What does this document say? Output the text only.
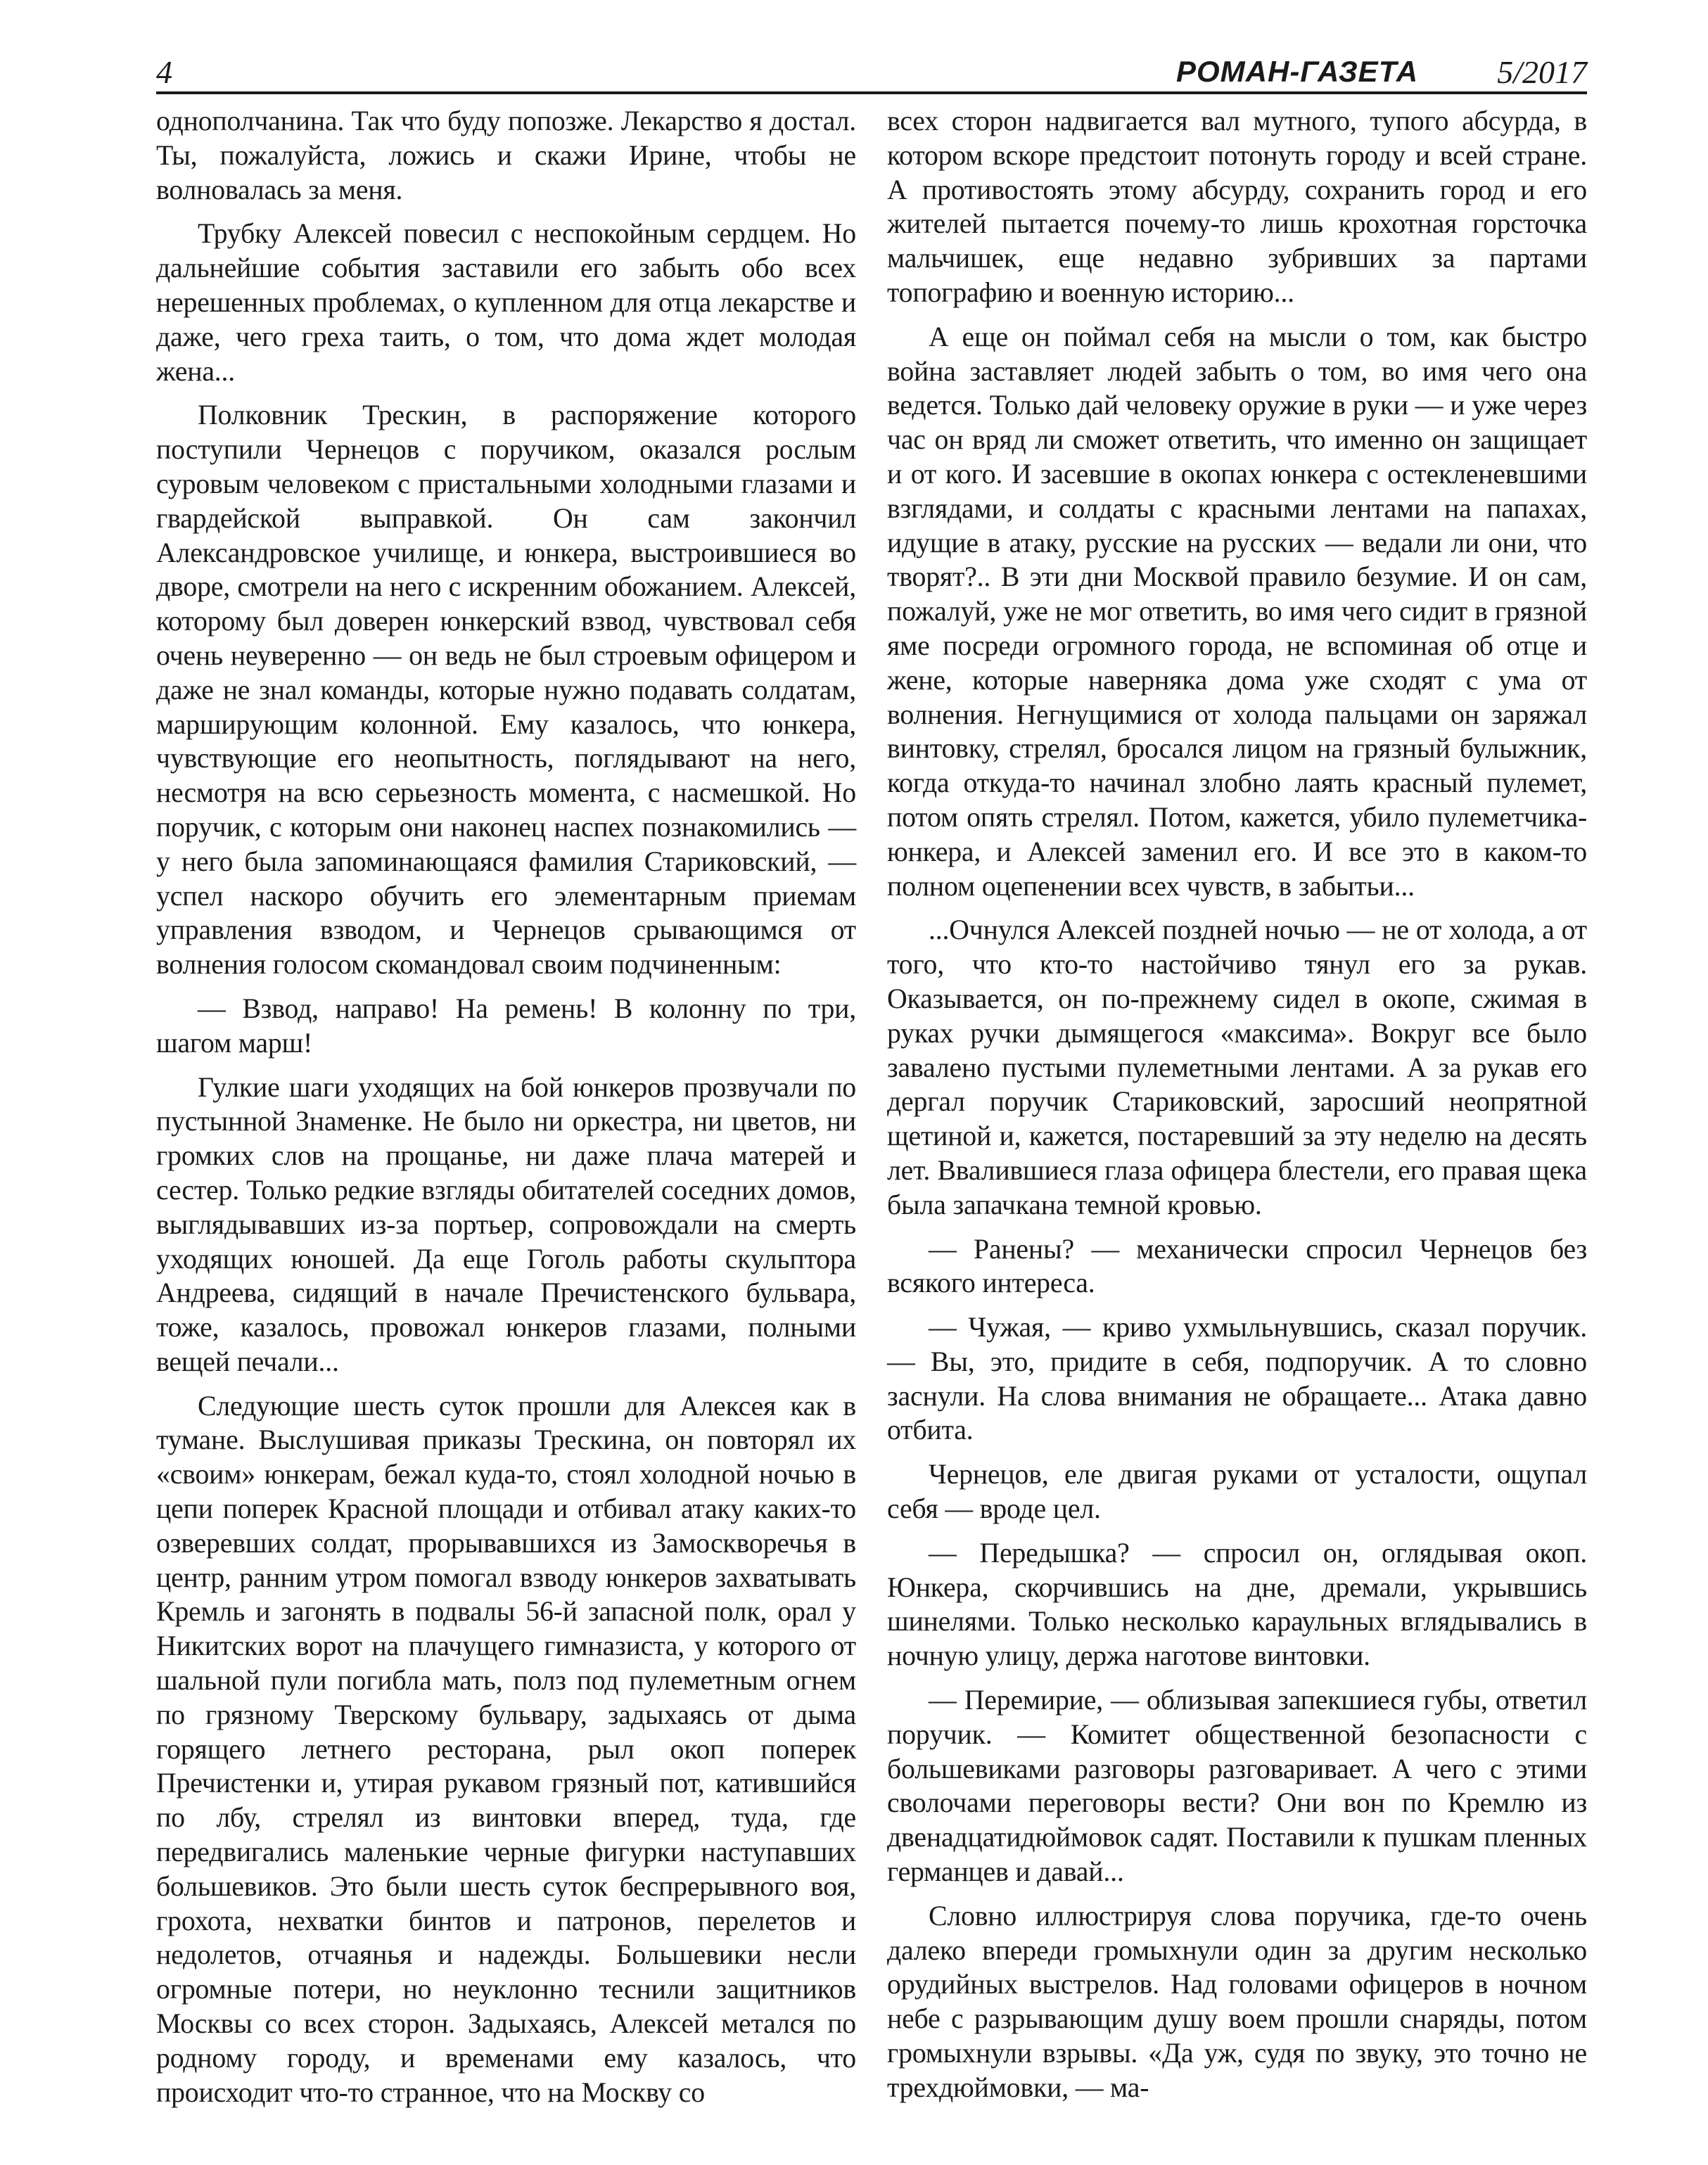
4	РОМАН-ГАЗЕТА 5/2017

однополчанина. Так что буду попозже. Лекарство я достал. Ты, пожалуйста, ложись и скажи Ирине, чтобы не волновалась за меня.

Трубку Алексей повесил с неспокойным сердцем. Но дальнейшие события заставили его забыть обо всех нерешенных проблемах, о купленном для отца лекарстве и даже, чего греха таить, о том, что дома ждет молодая жена...

Полковник Трескин, в распоряжение которого поступили Чернецов с поручиком, оказался рослым суровым человеком с пристальными холодными глазами и гвардейской выправкой. Он сам закончил Александровское училище, и юнкера, выстроившиеся во дворе, смотрели на него с искренним обожанием. Алексей, которому был доверен юнкерский взвод, чувствовал себя очень неуверенно — он ведь не был строевым офицером и даже не знал команды, которые нужно подавать солдатам, марширующим колонной. Ему казалось, что юнкера, чувствующие его неопытность, поглядывают на него, несмотря на всю серьезность момента, с насмешкой. Но поручик, с которым они наконец наспех познакомились — у него была запоминающаяся фамилия Стариковский, — успел наскоро обучить его элементарным приемам управления взводом, и Чернецов срывающимся от волнения голосом скомандовал своим подчиненным:

— Взвод, направо! На ремень! В колонну по три, шагом марш!

Гулкие шаги уходящих на бой юнкеров прозвучали по пустынной Знаменке. Не было ни оркестра, ни цветов, ни громких слов на прощанье, ни даже плача матерей и сестер. Только редкие взгляды обитателей соседних домов, выглядывавших из-за портьер, сопровождали на смерть уходящих юношей. Да еще Гоголь работы скульптора Андреева, сидящий в начале Пречистенского бульвара, тоже, казалось, провожал юнкеров глазами, полными вещей печали...

Следующие шесть суток прошли для Алексея как в тумане. Выслушивая приказы Трескина, он повторял их «своим» юнкерам, бежал куда-то, стоял холодной ночью в цепи поперек Красной площади и отбивал атаку каких-то озверевших солдат, прорывавшихся из Замоскворечья в центр, ранним утром помогал взводу юнкеров захватывать Кремль и загонять в подвалы 56-й запасной полк, орал у Никитских ворот на плачущего гимназиста, у которого от шальной пули погибла мать, полз под пулеметным огнем по грязному Тверскому бульвару, задыхаясь от дыма горящего летнего ресторана, рыл окоп поперек Пречистенки и, утирая рукавом грязный пот, катившийся по лбу, стрелял из винтовки вперед, туда, где передвигались маленькие черные фигурки наступавших большевиков. Это были шесть суток беспрерывного воя, грохота, нехватки бинтов и патронов, перелетов и недолетов, отчаянья и надежды. Большевики несли огромные потери, но неуклонно теснили защитников Москвы со всех сторон. Задыхаясь, Алексей метался по родному городу, и временами ему казалось, что происходит что-то странное, что на Москву со

всех сторон надвигается вал мутного, тупого абсурда, в котором вскоре предстоит потонуть городу и всей стране. А противостоять этому абсурду, сохранить город и его жителей пытается почему-то лишь крохотная горсточка мальчишек, еще недавно зубривших за партами топографию и военную историю...

А еще он поймал себя на мысли о том, как быстро война заставляет людей забыть о том, во имя чего она ведется. Только дай человеку оружие в руки — и уже через час он вряд ли сможет ответить, что именно он защищает и от кого. И засевшие в окопах юнкера с остекленевшими взглядами, и солдаты с красными лентами на папахах, идущие в атаку, русские на русских — ведали ли они, что творят?.. В эти дни Москвой правило безумие. И он сам, пожалуй, уже не мог ответить, во имя чего сидит в грязной яме посреди огромного города, не вспоминая об отце и жене, которые наверняка дома уже сходят с ума от волнения. Негнущимися от холода пальцами он заряжал винтовку, стрелял, бросался лицом на грязный булыжник, когда откуда-то начинал злобно лаять красный пулемет, потом опять стрелял. Потом, кажется, убило пулеметчика-юнкера, и Алексей заменил его. И все это в каком-то полном оцепенении всех чувств, в забытьи...

...Очнулся Алексей поздней ночью — не от холода, а от того, что кто-то настойчиво тянул его за рукав. Оказывается, он по-прежнему сидел в окопе, сжимая в руках ручки дымящегося «максима». Вокруг все было завалено пустыми пулеметными лентами. А за рукав его дергал поручик Стариковский, заросший неопрятной щетиной и, кажется, постаревший за эту неделю на десять лет. Ввалившиеся глаза офицера блестели, его правая щека была запачкана темной кровью.

— Ранены? — механически спросил Чернецов без всякого интереса.

— Чужая, — криво ухмыльнувшись, сказал поручик. — Вы, это, придите в себя, подпоручик. А то словно заснули. На слова внимания не обращаете... Атака давно отбита.

Чернецов, еле двигая руками от усталости, ощупал себя — вроде цел.

— Передышка? — спросил он, оглядывая окоп. Юнкера, скорчившись на дне, дремали, укрывшись шинелями. Только несколько караульных вглядывались в ночную улицу, держа наготове винтовки.

— Перемирие, — облизывая запекшиеся губы, ответил поручик. — Комитет общественной безопасности с большевиками разговоры разговаривает. А чего с этими сволочами переговоры вести? Они вон по Кремлю из двенадцатидюймовок садят. Поставили к пушкам пленных германцев и давай...

Словно иллюстрируя слова поручика, где-то очень далеко впереди громыхнули один за другим несколько орудийных выстрелов. Над головами офицеров в ночном небе с разрывающим душу воем прошли снаряды, потом громыхнули взрывы. «Да уж, судя по звуку, это точно не трехдюймовки, — ма-
